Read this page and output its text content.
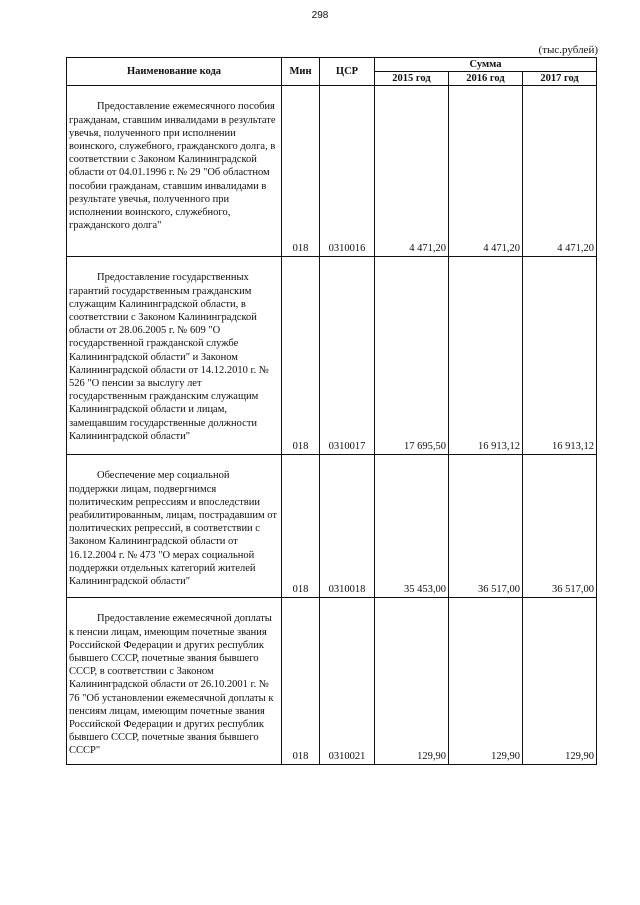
298
(тыс.рублей)
Наименование кода	Мин	ЦСР	Сумма		
			2015 год	2016 год	2017 год

Предоставление ежемесячного пособия гражданам, ставшим инвалидами в результате увечья, полученного при исполнении воинского, служебного, гражданского долга, в соответствии с Законом Калининградской области от 04.01.1996 г. № 29 "Об областном пособии гражданам, ставшим инвалидами в результате увечья, полученного при исполнении воинского, служебного, гражданского долга"	018	0310016	4 471,20	4 471,20	4 471,20

Предоставление государственных гарантий государственным гражданским служащим Калининградской области, в соответствии с Законом Калининградской области от 28.06.2005 г. № 609 "О государственной гражданской службе Калининградской области" и Законом Калининградской области от 14.12.2010 г. № 526 "О пенсии за выслугу лет государственным гражданским служащим Калининградской области и лицам, замещавшим государственные должности Калининградской области"	018	0310017	17 695,50	16 913,12	16 913,12

Обеспечение мер социальной поддержки лицам, подвергнимся политическим репрессиям и впоследствии реабилитированным, лицам, пострадавшим от политических репрессий, в соответствии с Законом Калининградской области от 16.12.2004 г. № 473 "О мерах социальной поддержки отдельных категорий жителей Калининградской области"	018	0310018	35 453,00	36 517,00	36 517,00

Предоставление ежемесячной доплаты к пенсии лицам, имеющим почетные звания Российской Федерации и других республик бывшего СССР, почетные звания бывшего СССР, в соответствии с Законом Калининградской области от 26.10.2001 г. № 76 "Об установлении ежемесячной доплаты к пенсиям лицам, имеющим почетные звания Российской Федерации и других республик бывшего СССР, почетные звания бывшего СССР"	018	0310021	129,90	129,90	129,90
